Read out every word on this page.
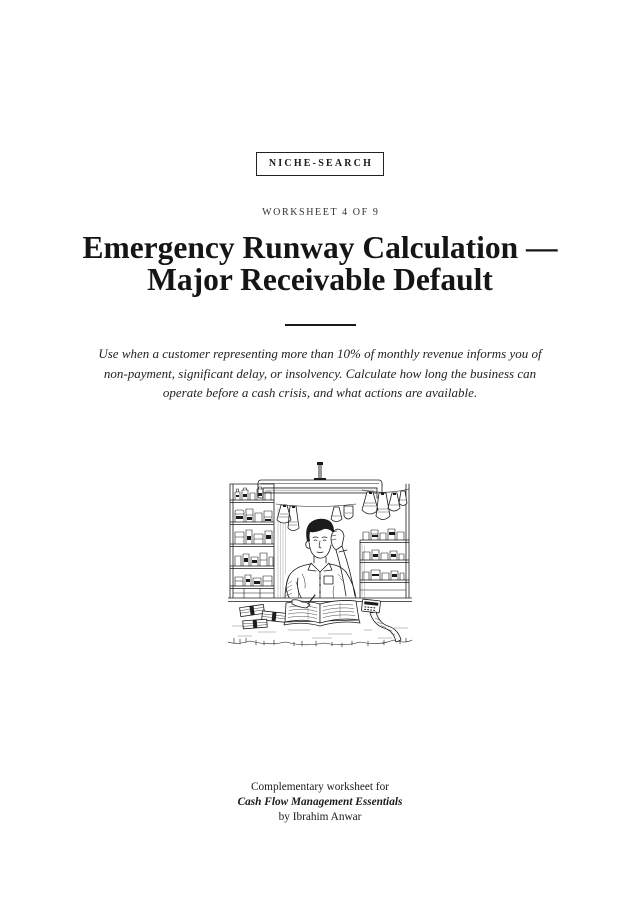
NICHE-SEARCH
WORKSHEET 4 OF 9
Emergency Runway Calculation —
Major Receivable Default
Use when a customer representing more than 10% of monthly revenue informs you of
non-payment, significant delay, or insolvency. Calculate how long the business can
operate before a cash crisis, and what actions are available.
Complementary worksheet for
Cash Flow Management Essentials
by Ibrahim Anwar
